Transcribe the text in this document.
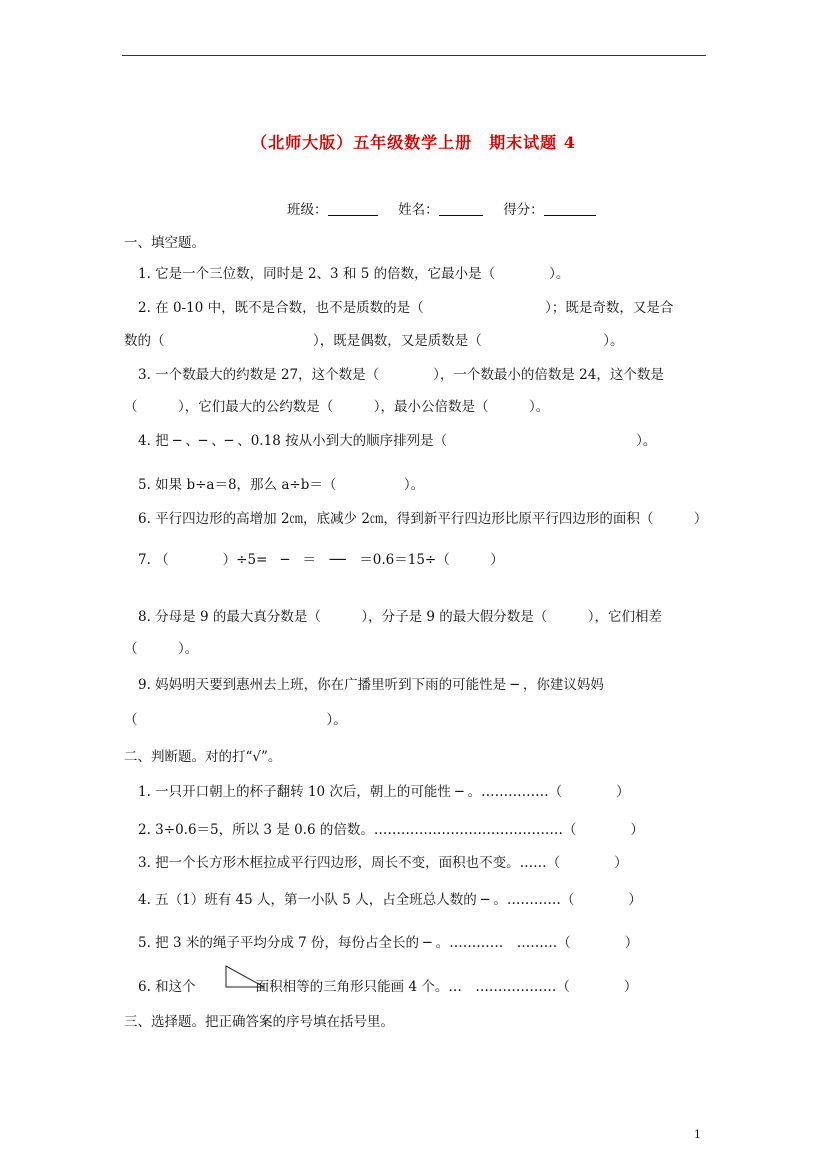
（北师大版）五年级数学上册　期末试题 4
班级：	姓名：	得分：
一、填空题。
1. 它是一个三位数，同时是 2、3 和 5 的倍数，它最小是（　　　　）。
2. 在 0-10 中，既不是合数，也不是质数的是（　　　　　　　　　）；既是奇数，又是合
数的（　　　　　　　　　　　），既是偶数，又是质数是（　　　　　　　　　）。
3. 一个数最大的约数是 27，这个数是（　　　　），一个数最小的倍数是 24，这个数是
（　　　），它们最大的公约数是（　　　），最小公倍数是（　　　）。
4. 把 ─ 、─ 、─ 、0.18 按从小到大的顺序排列是（　　　　　　　　　　　　　　）。
5. 如果 b÷a＝8，那么 a÷b＝（　　　　　）。
6. 平行四边形的高增加 2㎝，底减少 2㎝，得到新平行四边形比原平行四边形的面积（　　　）
7. （　　　　）÷5=　─　＝　──　＝0.6＝15÷（　　　）
8. 分母是 9 的最大真分数是（　　　），分子是 9 的最大假分数是（　　　），它们相差
（　　　）。
9. 妈妈明天要到惠州去上班，你在广播里听到下雨的可能性是 ─ ，你建议妈妈
（　　　　　　　　　　　　　　）。
二、判断题。对的打“√”。
1. 一只开口朝上的杯子翻转 10 次后，朝上的可能性 ─ 。……………（　　　　）
2. 3÷0.6＝5，所以 3 是 0.6 的倍数。……………………………………（　　　　）
3. 把一个长方形木框拉成平行四边形，周长不变，面积也不变。……（　　　　）
4. 五（1）班有 45 人，第一小队 5 人，占全班总人数的 ─ 。…………（　　　　）
5. 把 3 米的绳子平均分成 7 份，每份占全长的 ─ 。…………　………（　　　　）
6. 和这个	面积相等的三角形只能画 4 个。…　………………（　　　　）
三、选择题。把正确答案的序号填在括号里。
1
